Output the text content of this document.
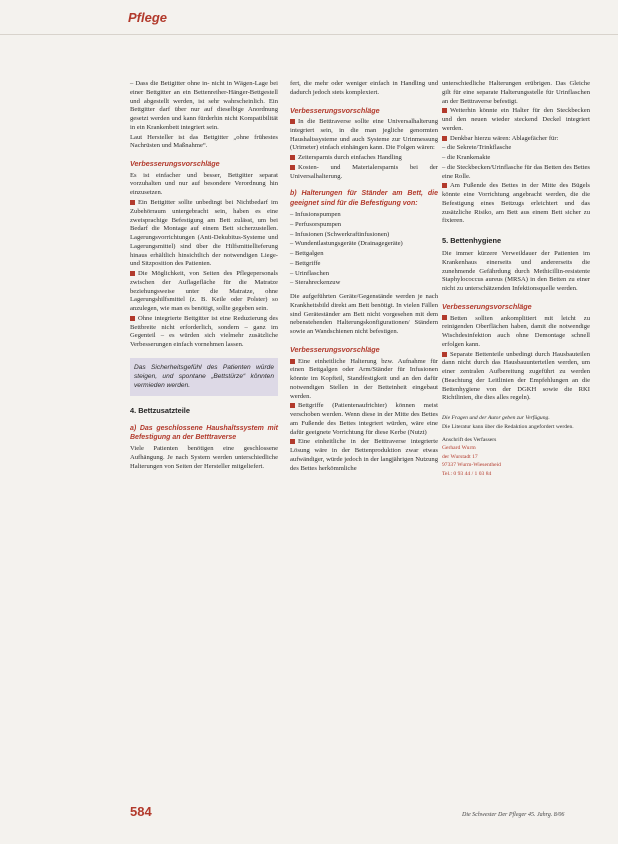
Pflege

– Dass die Betigitter ohne in- nicht in Wägen-Lage bei einer Bettgitter an ein Bettenreiher-Hänger-Bettgestell und abgestellt werden, ist sehr wahrscheinlich. Ein Bettgitter darf über nur auf dieselbige Anordnung gesetzt werden und kann fürderhin nicht Kompatibilität in ein Krankenbett integriert sein.

Laut Hersteller ist das Bettgitter „ohne frühestes Nachrüsten und Maßnahme“.

Verbesserungsvorschläge

Es ist einfacher und besser, Bettgitter separat vorzuhalten und nur auf besondere Verordnung hin einzusetzen.

Ein Bettgitter sollte unbedingt bei Nichtbedarf im Zubehörraum untergebracht sein, haben es eine zweisprachige Befestigung am Bett zulässt, um bei Bedarf die Montage auf einem Bett sicherzustellen. Lagerungsvorrichtungen (Anti-Dekubitus-Systeme und Lagerungsmittel) sind über die Hilfsmittellieferung hinaus erhältlich hinsichtlich der notwendigen Liege- und Sitzposition des Patienten.

Die Möglichkeit, von Seiten des Pflegepersonals zwischen der Auflagefläche für die Matratze beziehungsweise unter die Matratze, ohne Lagerungshilfsmittel (z. B. Keile oder Polster) so anzulegen, wie man es benötigt, sollte gegeben sein.

Ohne integrierte Bettgitter ist eine Reduzierung des Bettbreite nicht erforderlich, sondern – ganz im Gegenteil – es würden sich vielmehr zusätzliche Verbesserungen einfach vornehmen lassen.

Das Sicherheitsgefühl des Patienten würde steigen, und spontane „Bettstürze“ könnten vermieden werden.
4. Bettzusatzteile
a) Das geschlossene Haushaltssystem mit Befestigung an der Betttraverse

Viele Patienten benötigen eine geschlossene Aufhängung. Je nach System werden unterschiedliche Halterungen von Seiten der Hersteller mitgeliefert.

fert, die mehr oder weniger einfach in Handling und dadurch jedoch stets komplexiert.

Verbesserungsvorschläge

In die Betttraverse sollte eine Universalhalterung integriert sein, in die man jegliche genormten Haushaltssysteme und auch Systeme zur Urinmessung (Urimeter) einfach einhängen kann. Die Folgen wären:

Zeitersparnis durch einfaches Handling

Kosten- und Materialersparnis bei der Universalhalterung.

b) Halterungen für Ständer am Bett, die geeignet sind für die Befestigung von:

– Infusionspumpen

– Perfusorspumpen

– Infusionen (Schwerkraftinfusionen)

– Wundentlastungsgeräte (Drainagegeräte)

– Bettgalgen

– Bettgriffe

– Urinflaschen

– Sterahreckenzuw

Die aufgeführten Geräte/Gegenstände werden je nach Krankheitsbild direkt am Bett benötigt. In vielen Fällen sind Geräteständer am Bett nicht vorgesehen mit dem nebenstehenden Halterungskonfigurationen/ Ständern sowie an Wandschienen nicht befestigen.

Verbesserungsvorschläge

Eine einheitliche Halterung bzw. Aufnahme für einen Bettgalgen oder Arm/Ständer für Infusionen könnte im Kopfteil, Standfestigkeit und an den dafür notwendigen Stellen in der Betteinheit eingebaut werden.

Bettgriffe (Patientenaufrichter) können meist verschoben werden. Wenn diese in der Mitte des Bettes am Fußende des Bettes integriert würden, wäre eine dafür geeignete Vorrichtung für diese Kerbe (Nutzt)

Eine einheitliche in der Betttraverse integrierte Lösung wäre in der Bettenproduktion zwar etwas aufwändiger, würde jedoch in der langjährigen Nutzung des Bettes herkömmliche

unterschiedliche Halterungen erübrigen. Das Gleiche gilt für eine separate Halterungsstelle für Urinflaschen an der Betttraverse befestigt.

Weiterhin könnte ein Halter für den Steckbecken und den neuen wieder steckend Deckel integriert werden.

Denkbar hierzu wären: Ablagefächer für:

– die Sekrete/Trinkflasche

– die Krankenakte

– die Steckbecken/Urinflasche für das Betten des Bettes eine Rolle.

Am Fußende des Bettes in der Mitte des Bügels könnte eine Vorrichtung angebracht werden, die die Befestigung eines Bettzugs erleichtert und das zusätzliche Risiko, am Bett aus einem Bett sicher zu fixieren.

5. Bettenhygiene

Die immer kürzere Verweildauer der Patienten im Krankenhaus einerseits und andererseits die zunehmende Gefährdung durch Methicillin-resistente Staphylococcus aureus (MRSA) in den Betten zu einer nicht zu unterschätzenden Infektionsquelle werden.

Verbesserungsvorschläge

Betten sollten ankomplitiert mit leicht zu reinigenden Oberflächen haben, damit die notwendige Wischdesinfektion auch ohne Demontage schnell erfolgen kann.

Separate Bettenteile unbedingt durch Hausbauteilen dann nicht durch das Hausbauunterteilen werden, um einer zentralen Aufbereitung zugeführt zu werden (Beachtung der Leitlinien der Empfehlungen an die Bettenhygiene von der DGKH sowie die RKI Richtlinien, die dies alles regeln).

Die Fragen und der Autor geben zur Verfügung.

Die Literatur kann über die Redaktion angefordert werden.

Anschrift des Verfassers

Gerhard Wurm

der Wurstadt 17

97337 Wurm-Wiesentheid

Tel.: 0 93 44 / 1 03 84

584	Die Schwester Der Pfleger 45. Jahrg. 8/06
